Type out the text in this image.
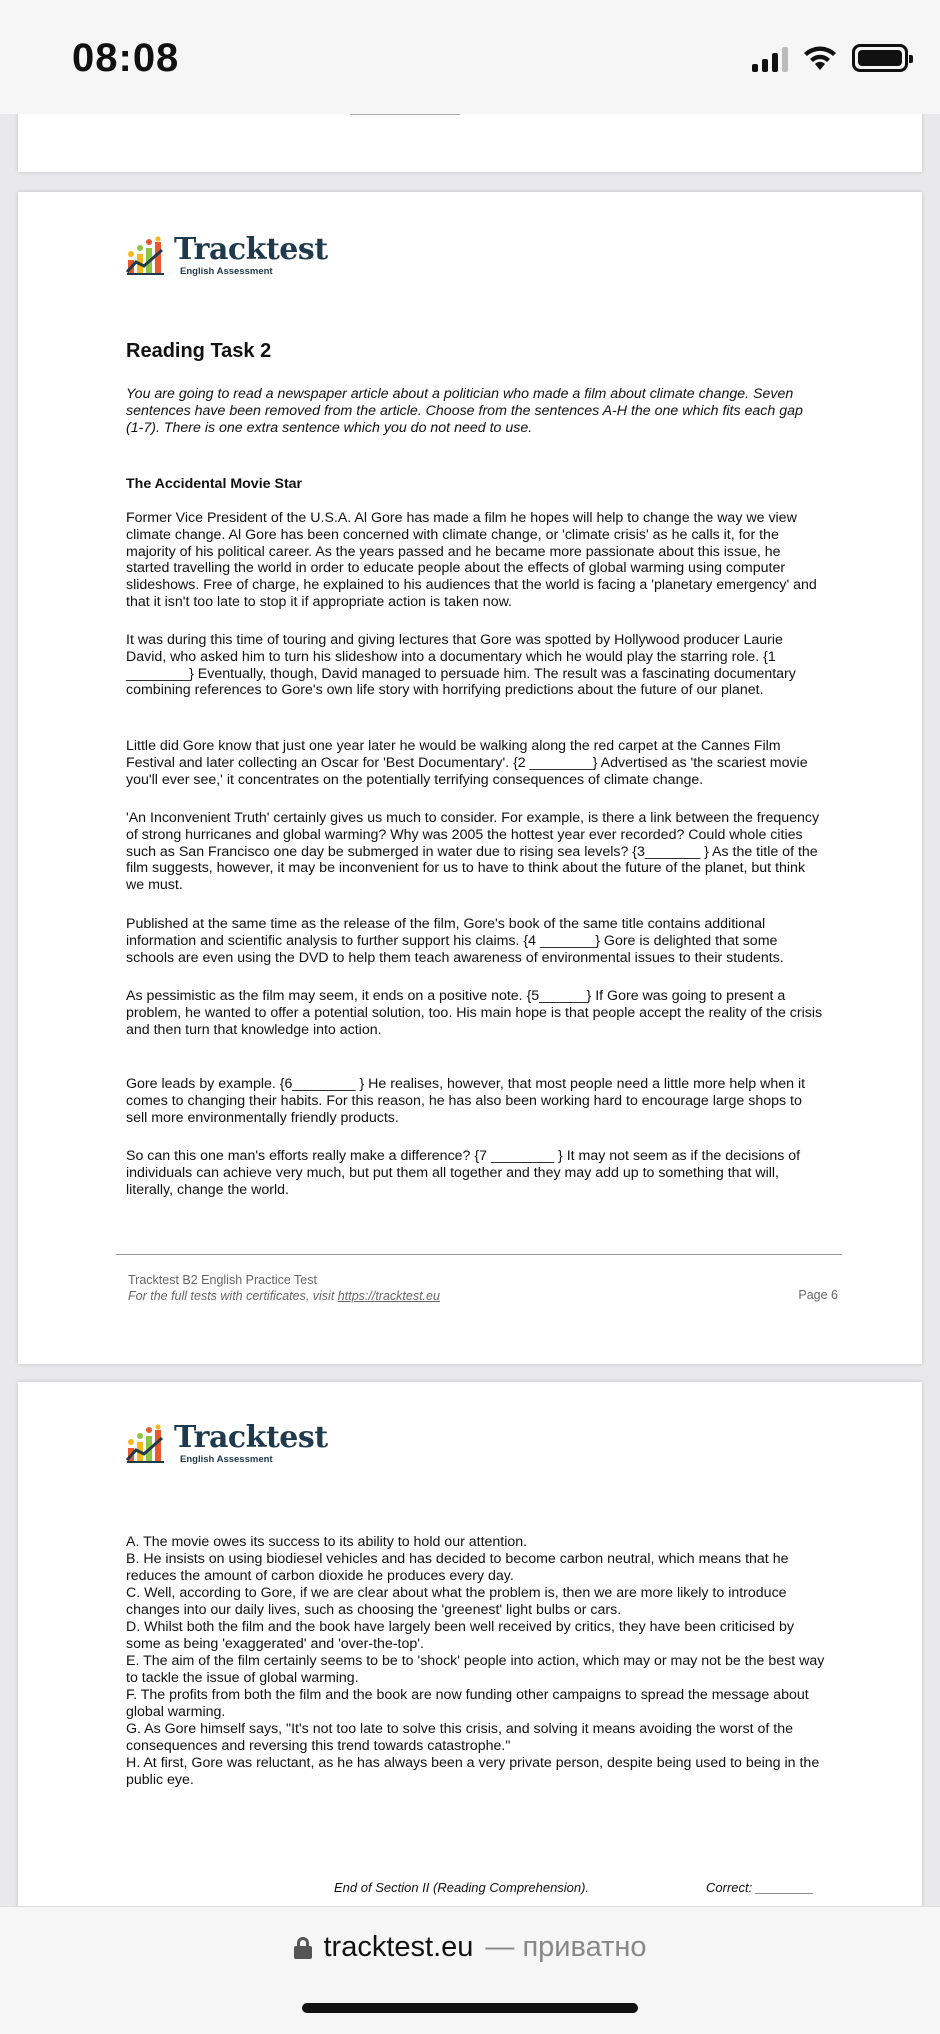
08:08
Tracktest
English Assessment
Reading Task 2
You are going to read a newspaper article about a politician who made a film about climate change. Seven sentences have been removed from the article. Choose from the sentences A-H the one which fits each gap (1-7). There is one extra sentence which you do not need to use.
The Accidental Movie Star
Former Vice President of the U.S.A. Al Gore has made a film he hopes will help to change the way we view climate change. Al Gore has been concerned with climate change, or 'climate crisis' as he calls it, for the majority of his political career. As the years passed and he became more passionate about this issue, he started travelling the world in order to educate people about the effects of global warming using computer slideshows. Free of charge, he explained to his audiences that the world is facing a 'planetary emergency' and that it isn't too late to stop it if appropriate action is taken now.
It was during this time of touring and giving lectures that Gore was spotted by Hollywood producer Laurie David, who asked him to turn his slideshow into a documentary which he would play the starring role. {1 ________} Eventually, though, David managed to persuade him. The result was a fascinating documentary combining references to Gore's own life story with horrifying predictions about the future of our planet.
Little did Gore know that just one year later he would be walking along the red carpet at the Cannes Film Festival and later collecting an Oscar for 'Best Documentary'. {2 ________} Advertised as 'the scariest movie you'll ever see,' it concentrates on the potentially terrifying consequences of climate change.
'An Inconvenient Truth' certainly gives us much to consider. For example, is there a link between the frequency of strong hurricanes and global warming? Why was 2005 the hottest year ever recorded? Could whole cities such as San Francisco one day be submerged in water due to rising sea levels? {3_______ } As the title of the film suggests, however, it may be inconvenient for us to have to think about the future of the planet, but think we must.
Published at the same time as the release of the film, Gore's book of the same title contains additional information and scientific analysis to further support his claims. {4 _______} Gore is delighted that some schools are even using the DVD to help them teach awareness of environmental issues to their students.
As pessimistic as the film may seem, it ends on a positive note. {5______} If Gore was going to present a problem, he wanted to offer a potential solution, too. His main hope is that people accept the reality of the crisis and then turn that knowledge into action.
Gore leads by example. {6________ } He realises, however, that most people need a little more help when it comes to changing their habits. For this reason, he has also been working hard to encourage large shops to sell more environmentally friendly products.
So can this one man's efforts really make a difference? {7 ________ } It may not seem as if the decisions of individuals can achieve very much, but put them all together and they may add up to something that will, literally, change the world.
Tracktest B2 English Practice Test
For the full tests with certificates, visit https://tracktest.eu	Page 6
Tracktest
English Assessment
A. The movie owes its success to its ability to hold our attention.
B. He insists on using biodiesel vehicles and has decided to become carbon neutral, which means that he reduces the amount of carbon dioxide he produces every day.
C. Well, according to Gore, if we are clear about what the problem is, then we are more likely to introduce changes into our daily lives, such as choosing the 'greenest' light bulbs or cars.
D. Whilst both the film and the book have largely been well received by critics, they have been criticised by some as being 'exaggerated' and 'over-the-top'.
E. The aim of the film certainly seems to be to 'shock' people into action, which may or may not be the best way to tackle the issue of global warming.
F. The profits from both the film and the book are now funding other campaigns to spread the message about global warming.
G. As Gore himself says, "It's not too late to solve this crisis, and solving it means avoiding the worst of the consequences and reversing this trend towards catastrophe."
H. At first, Gore was reluctant, as he has always been a very private person, despite being used to being in the public eye.
End of Section II (Reading Comprehension).	Correct: ________
tracktest.eu — приватно
